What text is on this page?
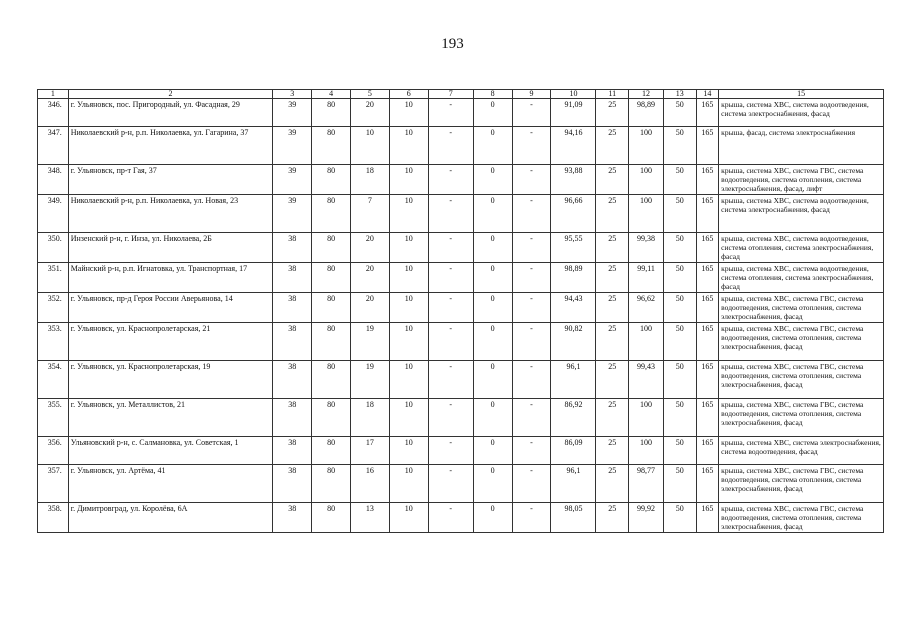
193
1	2	3	4	5	6	7	8	9	10	11	12	13	14	15
346.	г. Ульяновск, пос. Пригородный, ул. Фасадная, 29	39	80	20	10	-	0	-	91,09	25	98,89	50	165	крыша, система ХВС, система водоотведения, система электроснабжения, фасад
347.	Николаевский р-н, р.п. Николаевка, ул. Гагарина, 37	39	80	10	10	-	0	-	94,16	25	100	50	165	крыша, фасад, система электроснабжения
348.	г. Ульяновск, пр-т Гая, 37	39	80	18	10	-	0	-	93,88	25	100	50	165	крыша, система ХВС, система ГВС, система водоотведения, система отопления, система электроснабжения, фасад, лифт
349.	Николаевский р-н, р.п. Николаевка, ул. Новая, 23	39	80	7	10	-	0	-	96,66	25	100	50	165	крыша, система ХВС, система водоотведения, система электроснабжения, фасад
350.	Инзенский р-н, г. Инза, ул. Николаева, 2Б	38	80	20	10	-	0	-	95,55	25	99,38	50	165	крыша, система ХВС, система водоотведения, система отопления, система электроснабжения, фасад
351.	Майнский р-н, р.п. Игнатовка, ул. Транспортная, 17	38	80	20	10	-	0	-	98,89	25	99,11	50	165	крыша, система ХВС, система водоотведения, система отопления, система электроснабжения, фасад
352.	г. Ульяновск, пр-д Героя России Аверьянова, 14	38	80	20	10	-	0	-	94,43	25	96,62	50	165	крыша, система ХВС, система ГВС, система водоотведения, система отопления, система электроснабжения, фасад
353.	г. Ульяновск, ул. Краснопролетарская, 21	38	80	19	10	-	0	-	90,82	25	100	50	165	крыша, система ХВС, система ГВС, система водоотведения, система отопления, система электроснабжения, фасад
354.	г. Ульяновск, ул. Краснопролетарская, 19	38	80	19	10	-	0	-	96,1	25	99,43	50	165	крыша, система ХВС, система ГВС, система водоотведения, система отопления, система электроснабжения, фасад
355.	г. Ульяновск, ул. Металлистов, 21	38	80	18	10	-	0	-	86,92	25	100	50	165	крыша, система ХВС, система ГВС, система водоотведения, система отопления, система электроснабжения, фасад
356.	Ульяновский р-н, с. Салмановка, ул. Советская, 1	38	80	17	10	-	0	-	86,09	25	100	50	165	крыша, система ХВС, система электроснабжения, система водоотведения, фасад
357.	г. Ульяновск, ул. Артёма, 41	38	80	16	10	-	0	-	96,1	25	98,77	50	165	крыша, система ХВС, система ГВС, система водоотведения, система отопления, система электроснабжения, фасад
358.	г. Димитровград, ул. Королёва, 6А	38	80	13	10	-	0	-	98,05	25	99,92	50	165	крыша, система ХВС, система ГВС, система водоотведения, система отопления, система электроснабжения, фасад
